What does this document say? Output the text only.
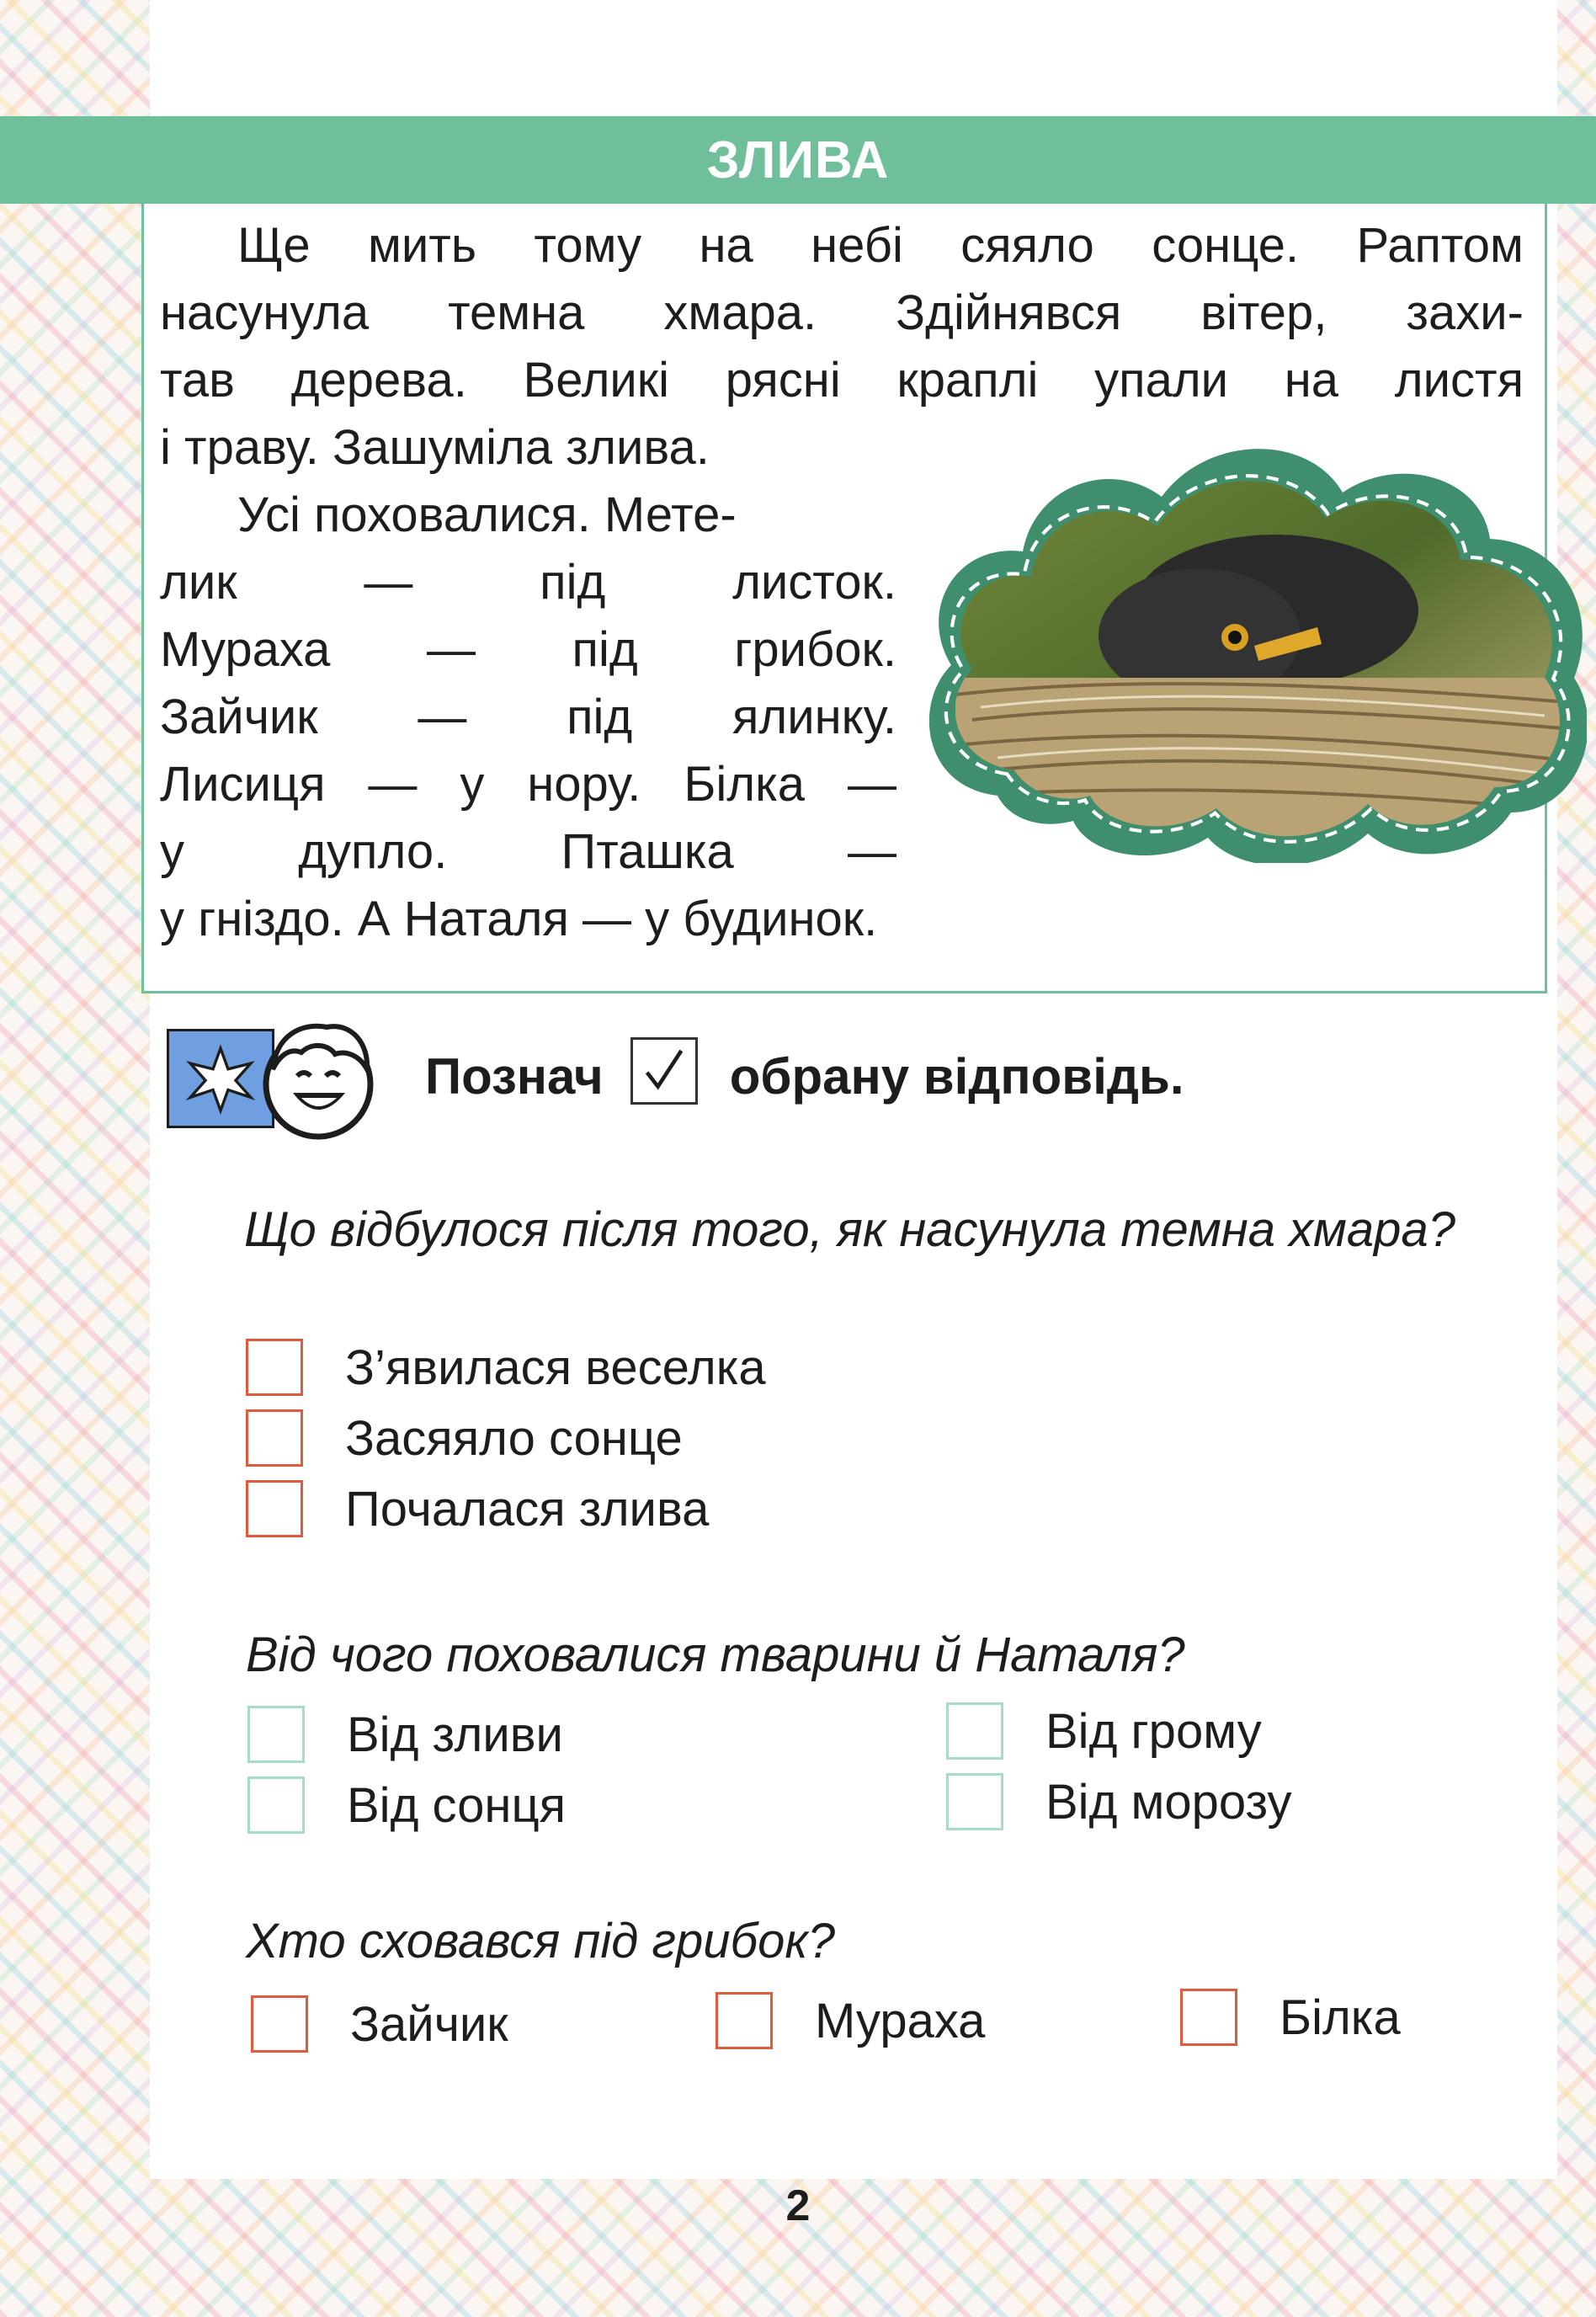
ЗЛИВА
Ще мить тому на небі сяяло сонце. Раптом
насунула темна хмара. Здійнявся вітер, захи-
тав дерева. Великі рясні краплі упали на листя
і траву. Зашуміла злива.
Усі поховалися. Мете-
лик	—	під	листок.
Мураха — під грибок.
Зайчик — під ялинку.
Лисиця — у нору. Білка —
у дупло. Пташка —
у гніздо. А Наталя — у будинок.
Познач	обрану відповідь.
Що відбулося після того, як насунула темна хмара?
З’явилася веселка
Засяяло сонце
Почалася злива
Від чого поховалися тварини й Наталя?
Від зливи
Від сонця
Від грому
Від морозу
Хто сховався під грибок?
Зайчик	Мураха	Білка
2
